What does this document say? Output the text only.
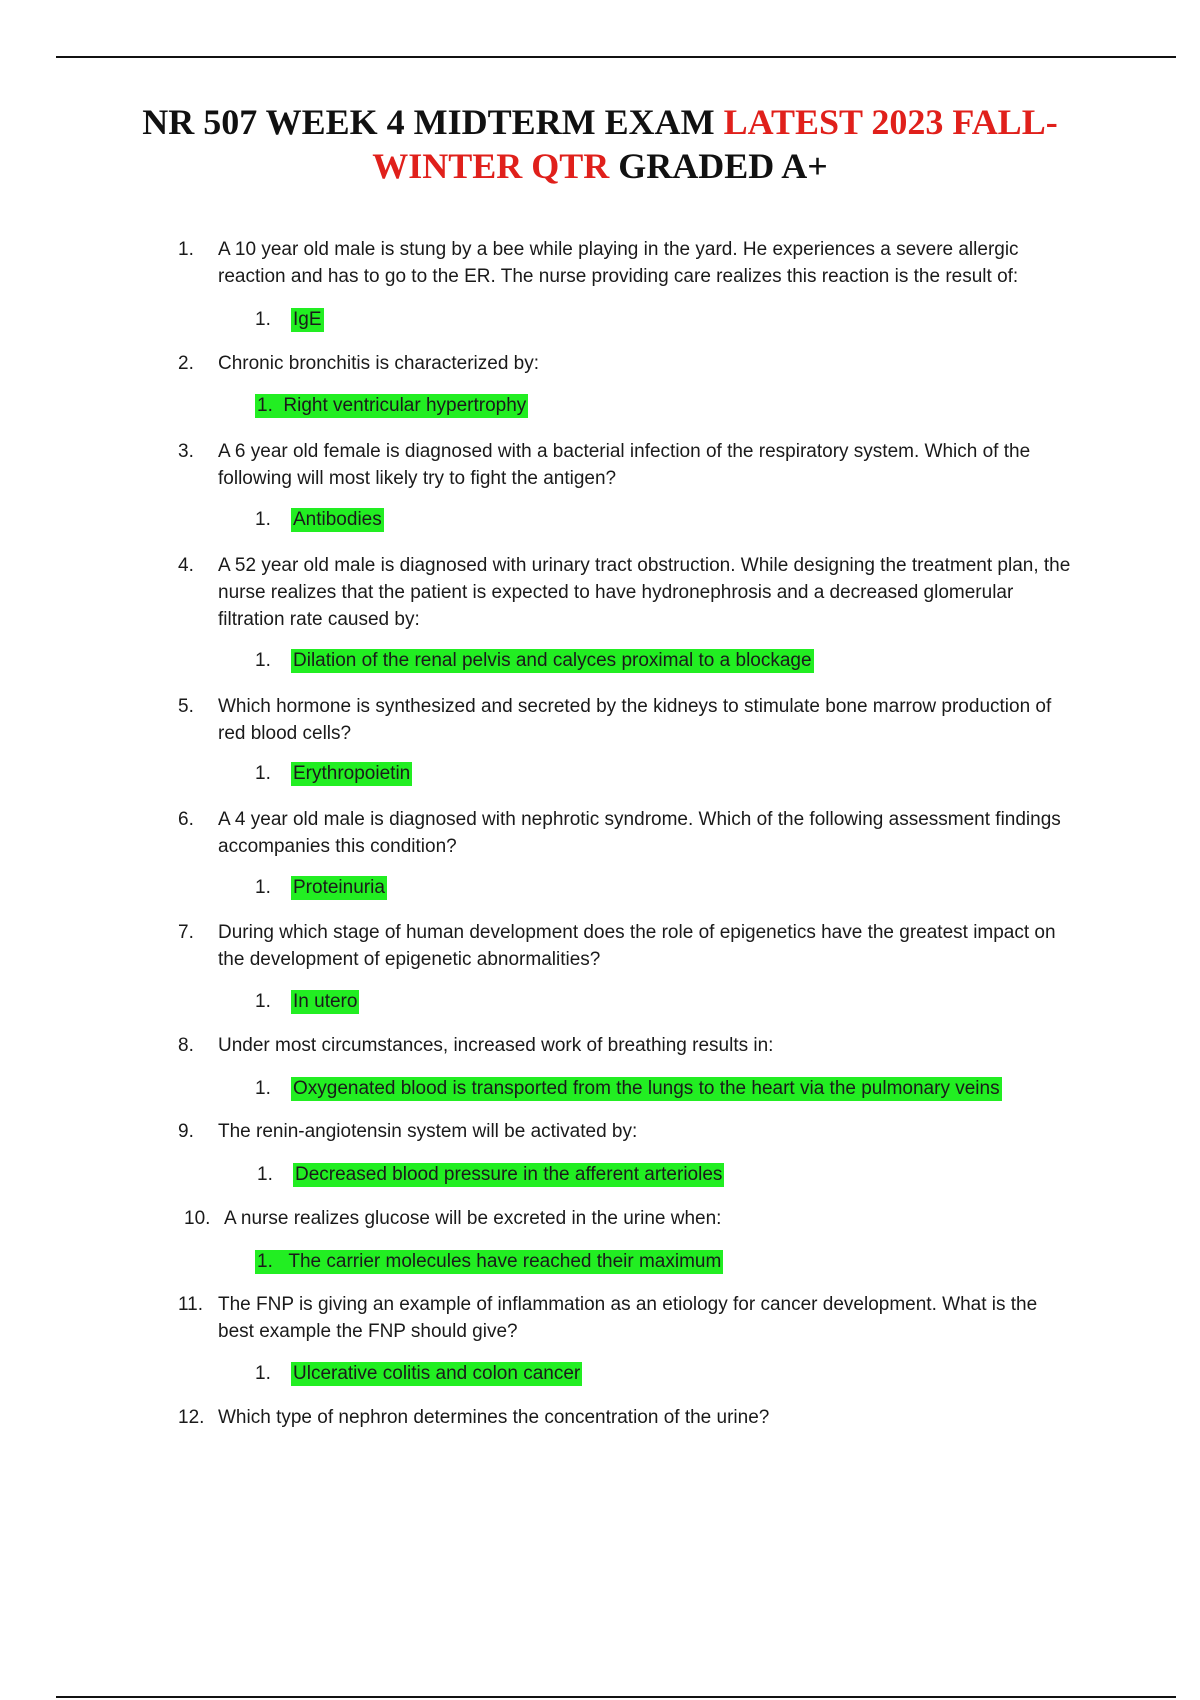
NR 507 WEEK 4 MIDTERM EXAM LATEST 2023 FALL-
WINTER QTR GRADED A+
1. A 10 year old male is stung by a bee while playing in the yard. He experiences a severe allergic reaction and has to go to the ER. The nurse providing care realizes this reaction is the result of:
1. IgE
2. Chronic bronchitis is characterized by:
1. Right ventricular hypertrophy
3. A 6 year old female is diagnosed with a bacterial infection of the respiratory system. Which of the following will most likely try to fight the antigen?
1. Antibodies
4. A 52 year old male is diagnosed with urinary tract obstruction. While designing the treatment plan, the nurse realizes that the patient is expected to have hydronephrosis and a decreased glomerular filtration rate caused by:
1. Dilation of the renal pelvis and calyces proximal to a blockage
5. Which hormone is synthesized and secreted by the kidneys to stimulate bone marrow production of red blood cells?
1. Erythropoietin
6. A 4 year old male is diagnosed with nephrotic syndrome. Which of the following assessment findings accompanies this condition?
1. Proteinuria
7. During which stage of human development does the role of epigenetics have the greatest impact on the development of epigenetic abnormalities?
1. In utero
8. Under most circumstances, increased work of breathing results in:
1. Oxygenated blood is transported from the lungs to the heart via the pulmonary veins
9. The renin-angiotensin system will be activated by:
1. Decreased blood pressure in the afferent arterioles
10. A nurse realizes glucose will be excreted in the urine when:
1. The carrier molecules have reached their maximum
11. The FNP is giving an example of inflammation as an etiology for cancer development. What is the best example the FNP should give?
1. Ulcerative colitis and colon cancer
12. Which type of nephron determines the concentration of the urine?
